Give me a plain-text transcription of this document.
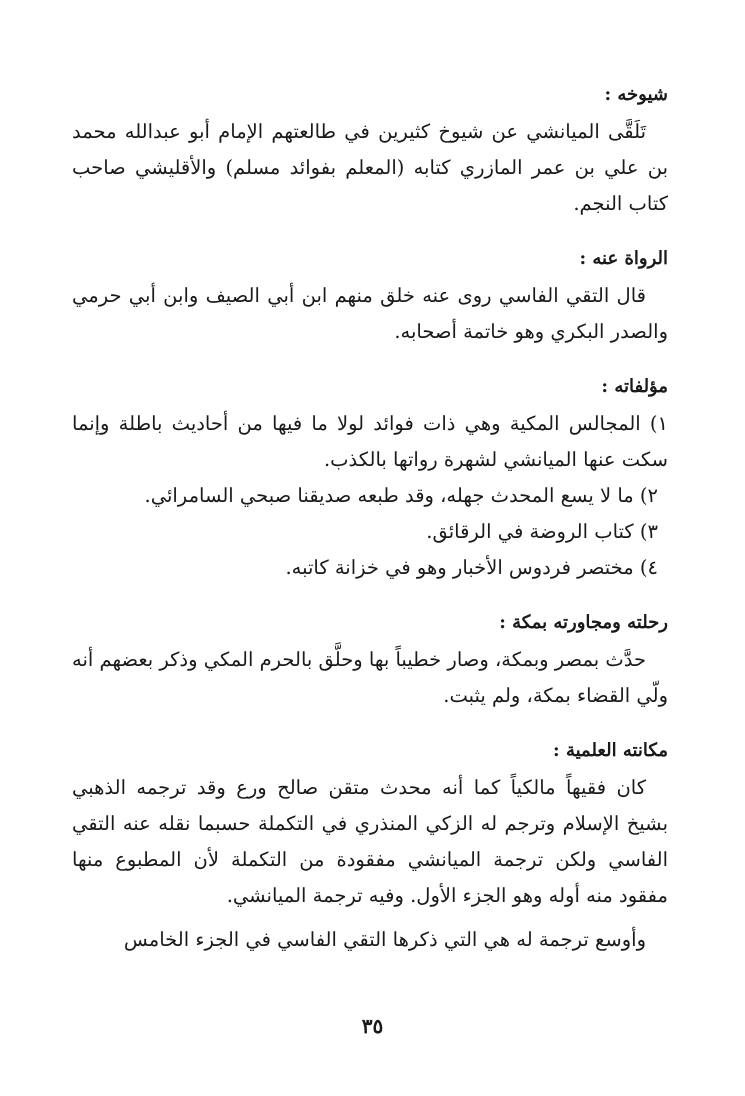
شيوخه :

تَلَقَّى الميانشي عن شيوخ كثيرين في طالعتهم الإمام أبو عبدالله محمد بن علي بن عمر المازري كتابه (المعلم بفوائد مسلم) والأقليشي صاحب كتاب النجم.

الرواة عنه :

قال التقي الفاسي روى عنه خلق منهم ابن أبي الصيف وابن أبي حرمي والصدر البكري وهو خاتمة أصحابه.

مؤلفاته :

١) المجالس المكية وهي ذات فوائد لولا ما فيها من أحاديث باطلة وإنما سكت عنها الميانشي لشهرة رواتها بالكذب.

٢) ما لا يسع المحدث جهله، وقد طبعه صديقنا صبحي السامرائي.

٣) كتاب الروضة في الرقائق.

٤) مختصر فردوس الأخبار وهو في خزانة كاتبه.

رحلته ومجاورته بمكة :

حدَّث بمصر وبمكة، وصار خطيباً بها وحلَّق بالحرم المكي وذكر بعضهم أنه ولّي القضاء بمكة، ولم يثبت.

مكانته العلمية :

كان فقيهاً مالكياً كما أنه محدث متقن صالح ورع وقد ترجمه الذهبي بشيخ الإسلام وترجم له الزكي المنذري في التكملة حسبما نقله عنه التقي الفاسي ولكن ترجمة الميانشي مفقودة من التكملة لأن المطبوع منها مفقود منه أوله وهو الجزء الأول. وفيه ترجمة الميانشي.

وأوسع ترجمة له هي التي ذكرها التقي الفاسي في الجزء الخامس

٣٥
